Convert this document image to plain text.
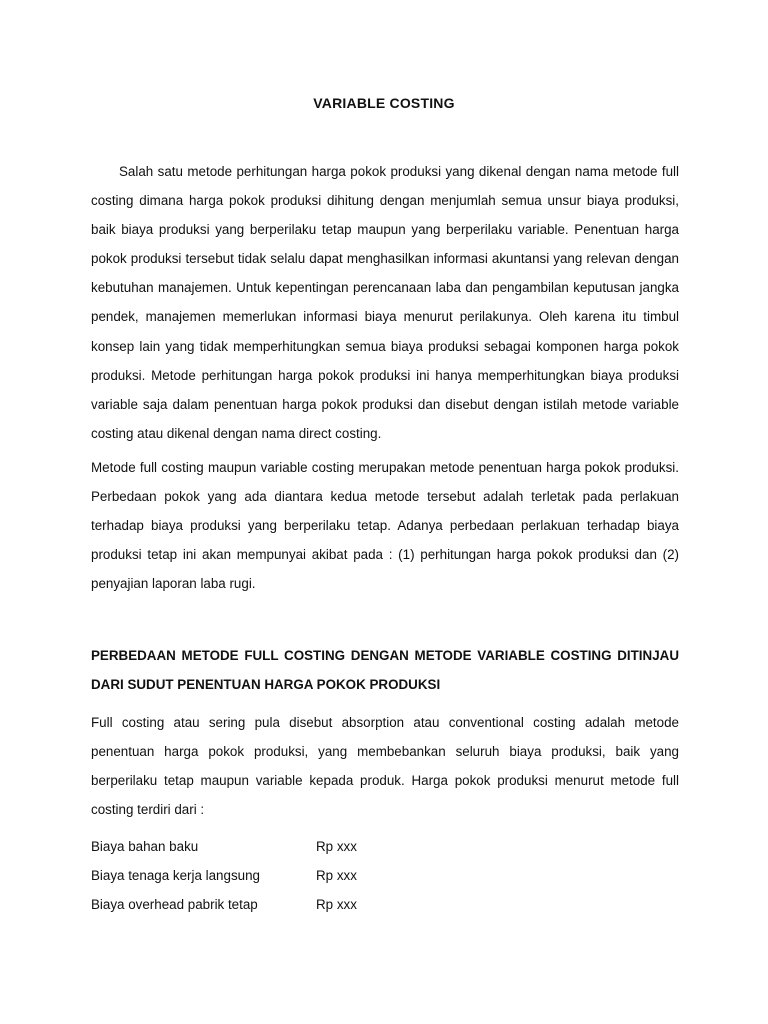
VARIABLE COSTING

Salah satu metode perhitungan harga pokok produksi yang dikenal dengan nama metode full costing dimana harga pokok produksi dihitung dengan menjumlah semua unsur biaya produksi, baik biaya produksi yang berperilaku tetap maupun yang berperilaku variable. Penentuan harga pokok produksi tersebut tidak selalu dapat menghasilkan informasi akuntansi yang relevan dengan kebutuhan manajemen. Untuk kepentingan perencanaan laba dan pengambilan keputusan jangka pendek, manajemen memerlukan informasi biaya menurut perilakunya. Oleh karena itu timbul konsep lain yang tidak memperhitungkan semua biaya produksi sebagai komponen harga pokok produksi. Metode perhitungan harga pokok produksi ini hanya memperhitungkan biaya produksi variable saja dalam penentuan harga pokok produksi dan disebut dengan istilah metode variable costing atau dikenal dengan nama direct costing.

Metode full costing maupun variable costing merupakan metode penentuan harga pokok produksi. Perbedaan pokok yang ada diantara kedua metode tersebut adalah terletak pada perlakuan terhadap biaya produksi yang berperilaku tetap. Adanya perbedaan perlakuan terhadap biaya produksi tetap ini akan mempunyai akibat pada : (1) perhitungan harga pokok produksi dan (2) penyajian laporan laba rugi.

PERBEDAAN METODE FULL COSTING DENGAN METODE VARIABLE COSTING DITINJAU DARI SUDUT PENENTUAN HARGA POKOK PRODUKSI

Full costing atau sering pula disebut absorption atau conventional costing adalah metode penentuan harga pokok produksi, yang membebankan seluruh biaya produksi, baik yang berperilaku tetap maupun variable kepada produk. Harga pokok produksi menurut metode full costing terdiri dari :

Biaya bahan baku	Rp xxx
Biaya tenaga kerja langsung	Rp xxx
Biaya overhead pabrik tetap	Rp xxx
